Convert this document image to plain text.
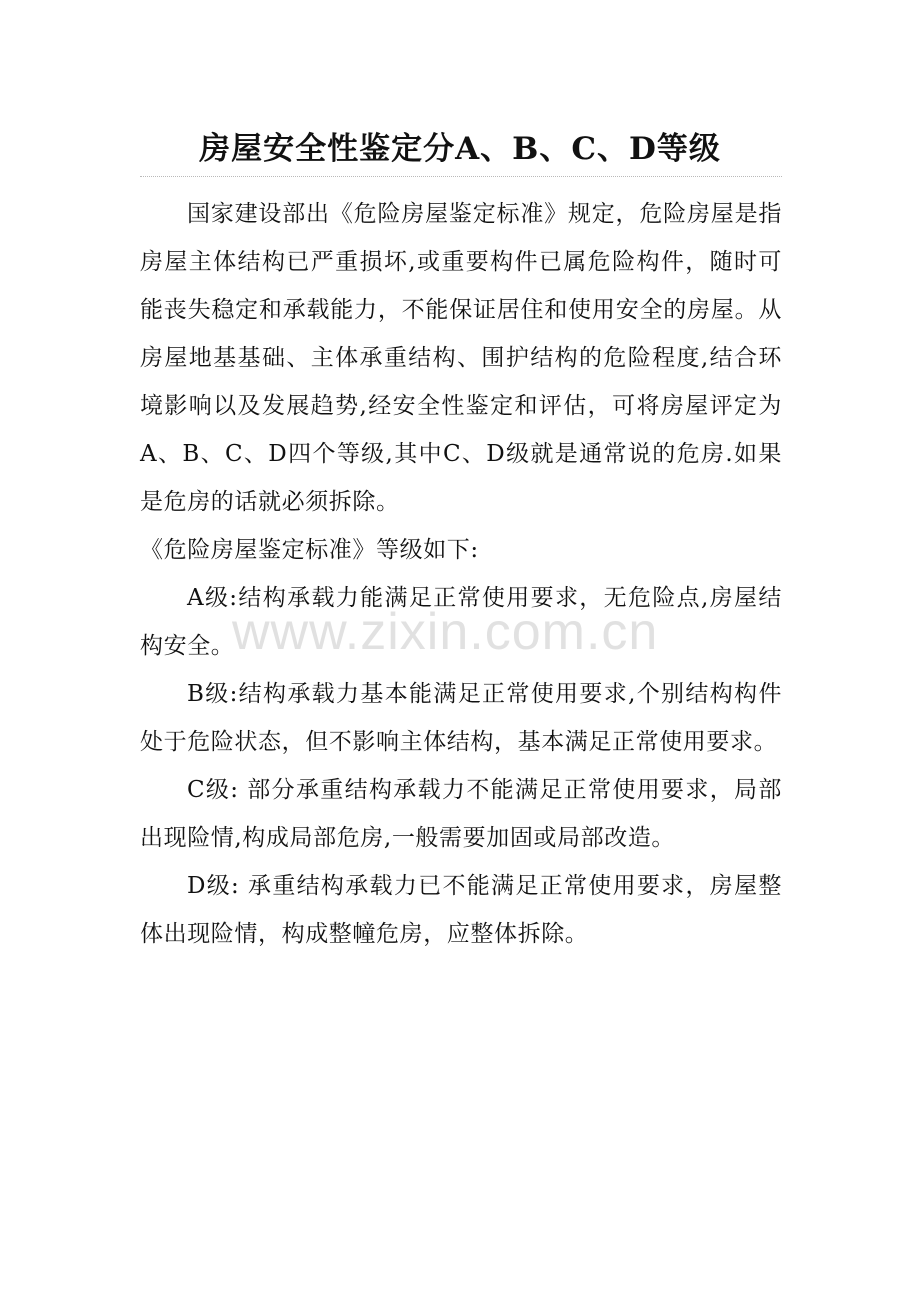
房屋安全性鉴定分A、B、C、D等级

国家建设部出《危险房屋鉴定标准》规定，危险房屋是指房屋主体结构已严重损坏,或重要构件已属危险构件，随时可能丧失稳定和承载能力，不能保证居住和使用安全的房屋。从房屋地基基础、主体承重结构、围护结构的危险程度,结合环境影响以及发展趋势,经安全性鉴定和评估，可将房屋评定为A、B、C、D四个等级,其中C、D级就是通常说的危房.如果是危房的话就必须拆除。

《危险房屋鉴定标准》等级如下:

A级:结构承载力能满足正常使用要求，无危险点,房屋结构安全。

B级:结构承载力基本能满足正常使用要求,个别结构构件处于危险状态，但不影响主体结构，基本满足正常使用要求。

C级: 部分承重结构承载力不能满足正常使用要求，局部出现险情,构成局部危房,一般需要加固或局部改造。

D级: 承重结构承载力已不能满足正常使用要求，房屋整体出现险情，构成整幢危房，应整体拆除。

www.zixin.com.cn
